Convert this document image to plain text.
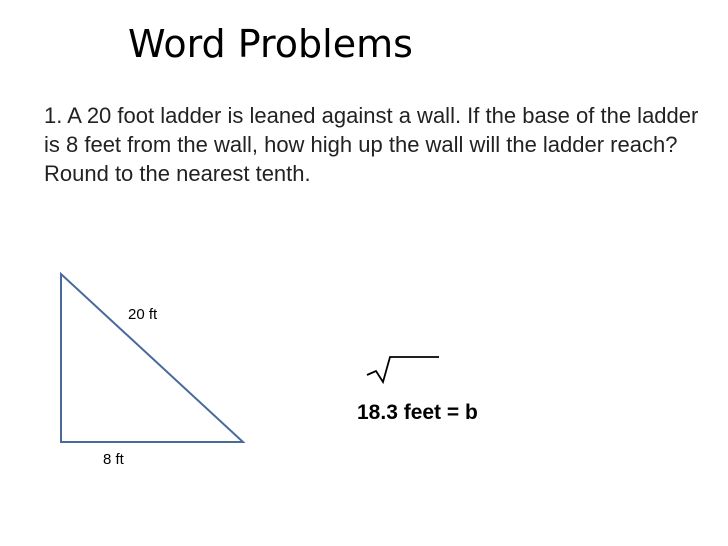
Word Problems
1. A 20 foot ladder is leaned against a wall. If the base of the ladder is 8 feet from the wall, how high up the wall will the ladder reach? Round to the nearest tenth.
20 ft
8 ft
18.3 feet = b
